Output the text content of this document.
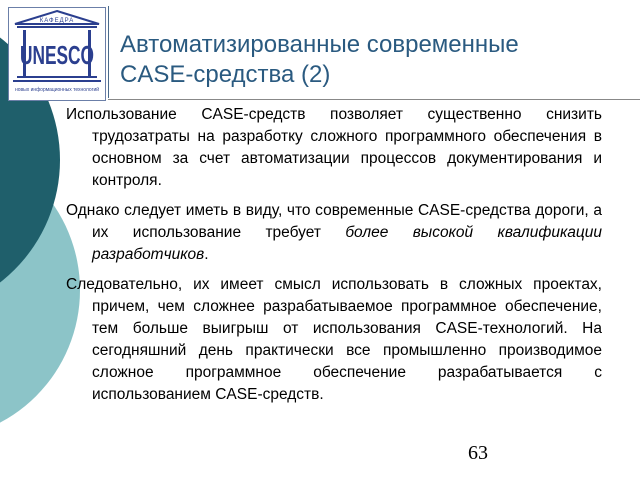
КАФЕДРА
UNESCO
новых информационных технологий
Автоматизированные современные
CASE-средства (2)

Использование CASE-средств позволяет существенно снизить трудозатраты на разработку сложного программного обеспечения в основном за счет автоматизации процессов документирования и контроля.

Однако следует иметь в виду, что современные CASE-средства дороги, а их использование требует более высокой квалификации разработчиков.

Следовательно, их имеет смысл использовать в сложных проектах, причем, чем сложнее разрабатываемое программное обеспечение, тем больше выигрыш от использования CASE-технологий. На сегодняшний день практически все промышленно производимое сложное программное обеспечение разрабатывается с использованием CASE-средств.

63
